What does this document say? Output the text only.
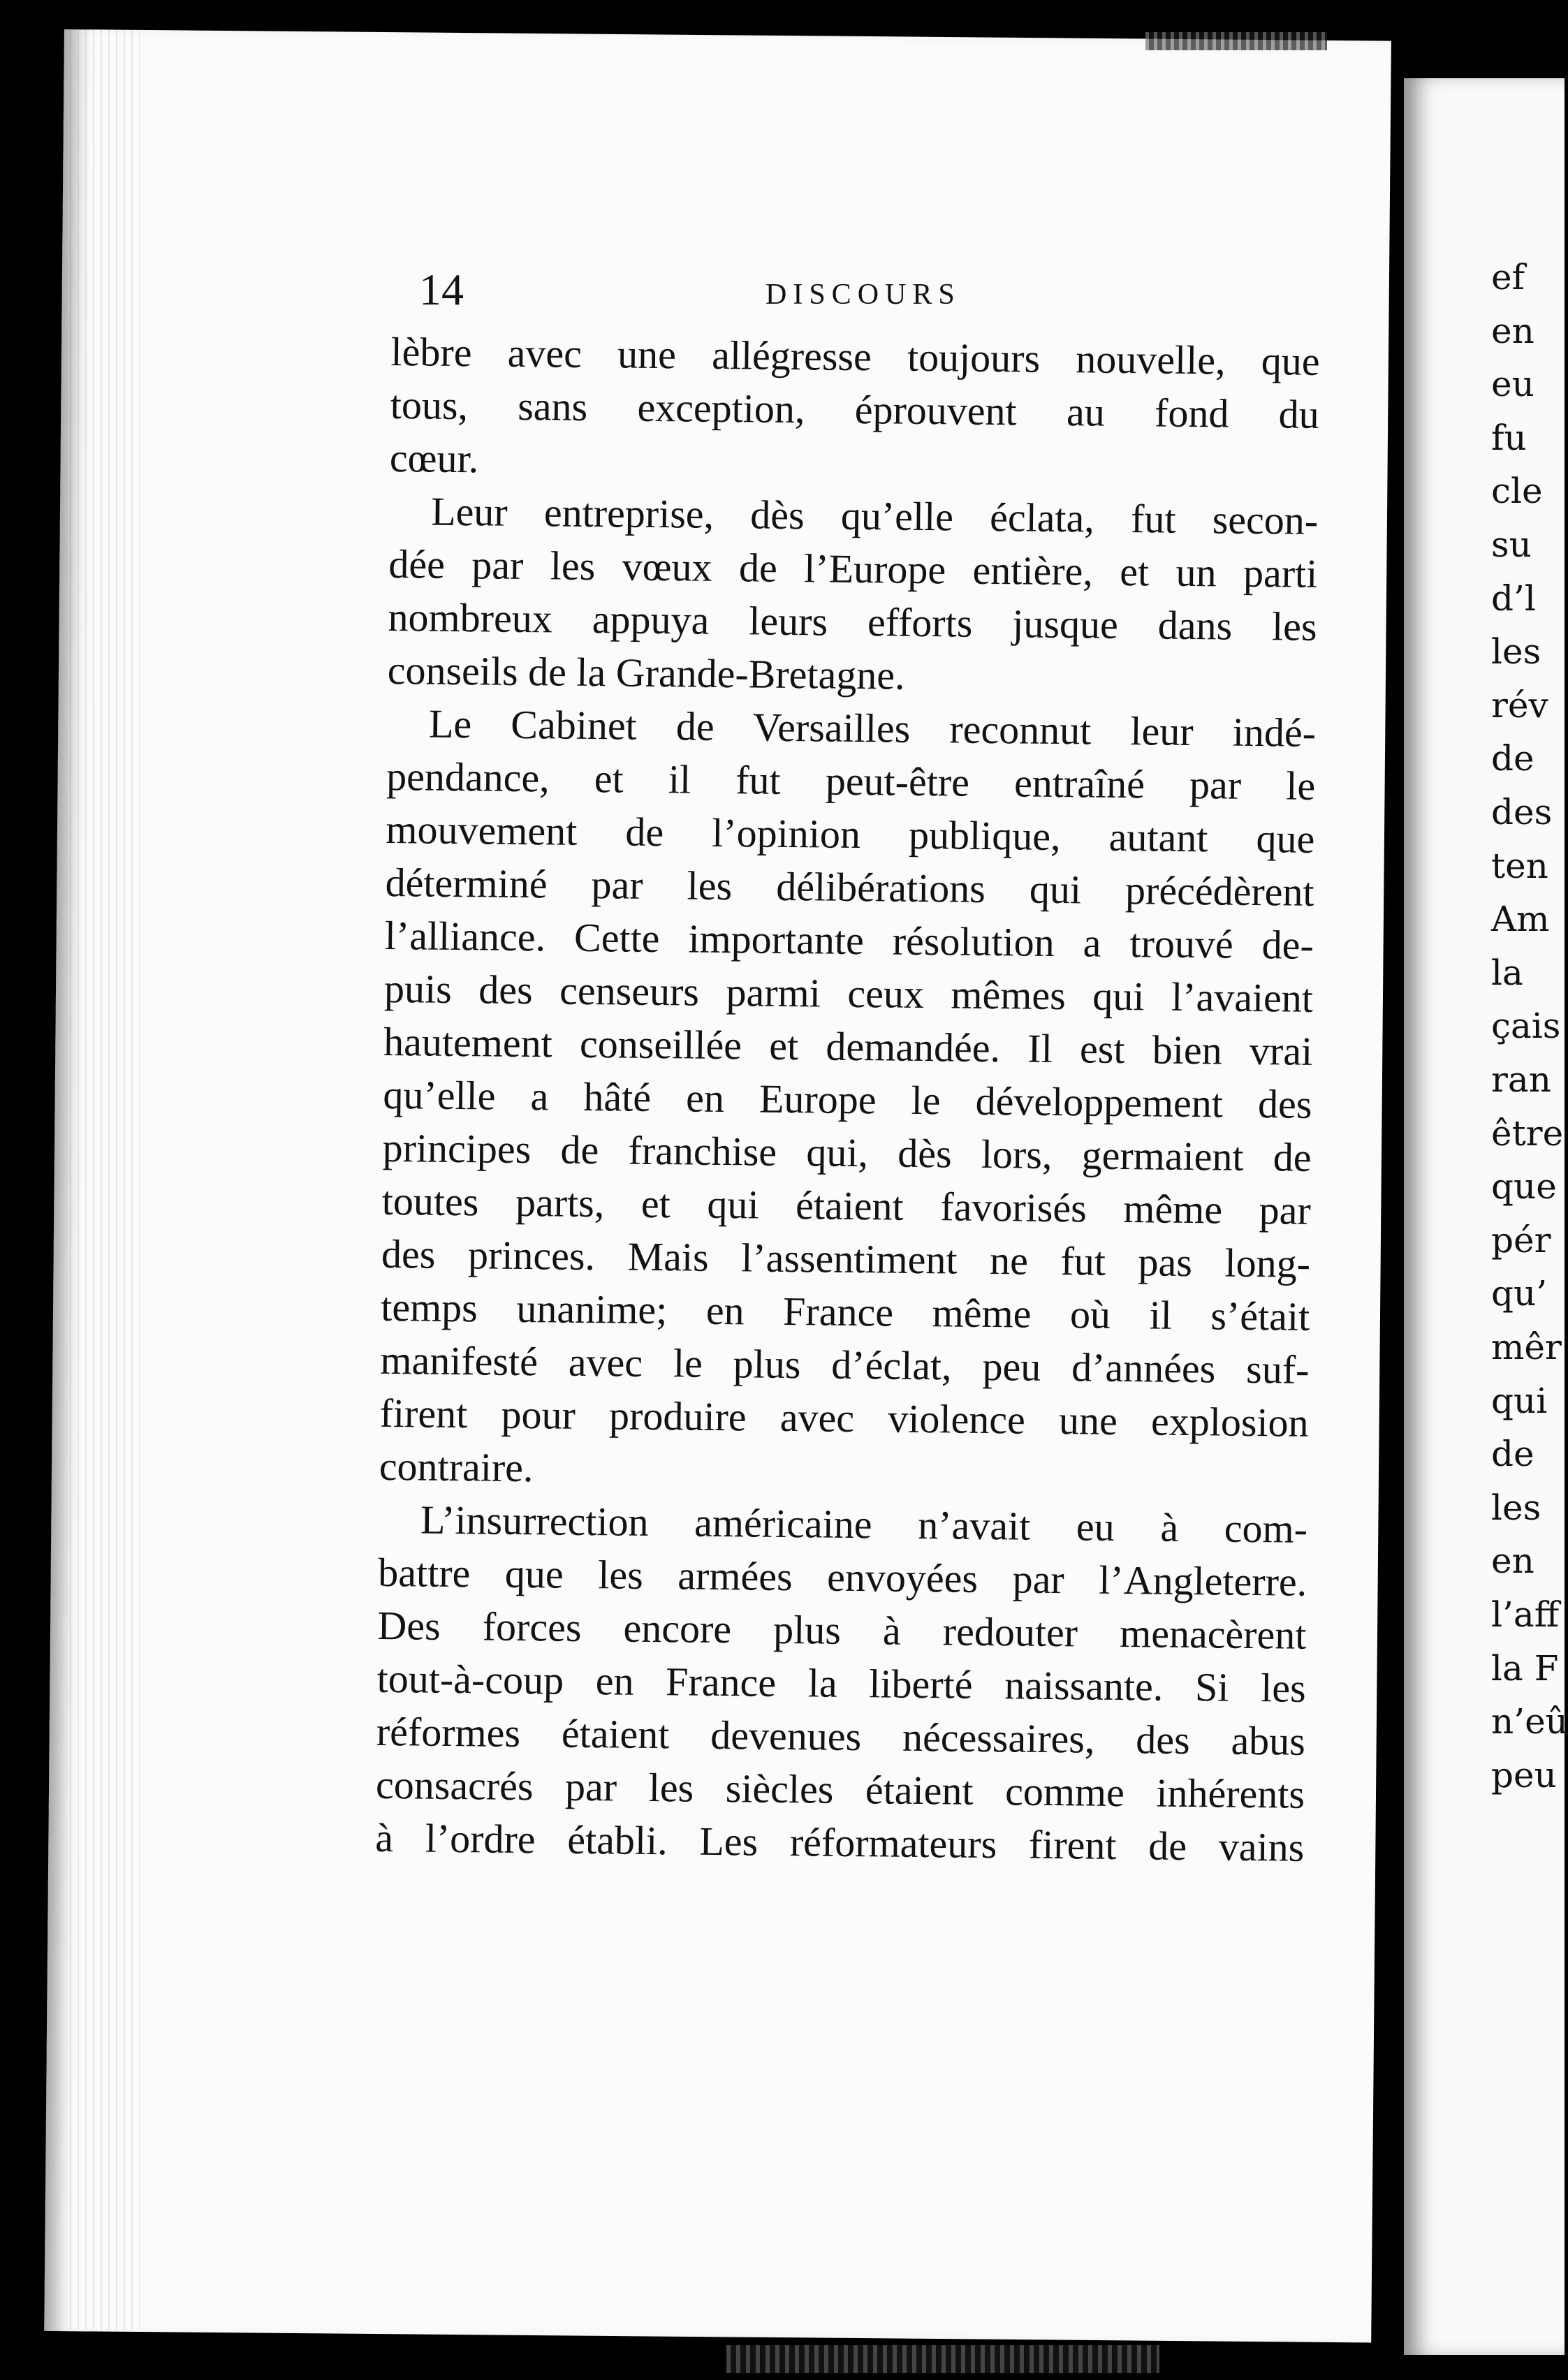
14	DISCOURS
lèbre avec une allégresse toujours nouvelle, que
tous, sans exception, éprouvent au fond du
cœur.
Leur entreprise, dès qu’elle éclata, fut secon-
dée par les vœux de l’Europe entière, et un parti
nombreux appuya leurs efforts jusque dans les
conseils de la Grande-Bretagne.
Le Cabinet de Versailles reconnut leur indé-
pendance, et il fut peut-être entraîné par le
mouvement de l’opinion publique, autant que
déterminé par les délibérations qui précédèrent
l’alliance. Cette importante résolution a trouvé de-
puis des censeurs parmi ceux mêmes qui l’avaient
hautement conseillée et demandée. Il est bien vrai
qu’elle a hâté en Europe le développement des
principes de franchise qui, dès lors, germaient de
toutes parts, et qui étaient favorisés même par
des princes. Mais l’assentiment ne fut pas long-
temps unanime; en France même où il s’était
manifesté avec le plus d’éclat, peu d’années suf-
firent pour produire avec violence une explosion
contraire.
L’insurrection américaine n’avait eu à com-
battre que les armées envoyées par l’Angleterre.
Des forces encore plus à redouter menacèrent
tout-à-coup en France la liberté naissante. Si les
réformes étaient devenues nécessaires, des abus
consacrés par les siècles étaient comme inhérents
à l’ordre établi. Les réformateurs firent de vains
ef
en
eu
fu
cle
su
d’l
les
rév
de
des
ten
Am
la
çais
ran
être
que
pér
qu’
mêr
qui
de
les
en
l’aff
la F
n’eû
peu
